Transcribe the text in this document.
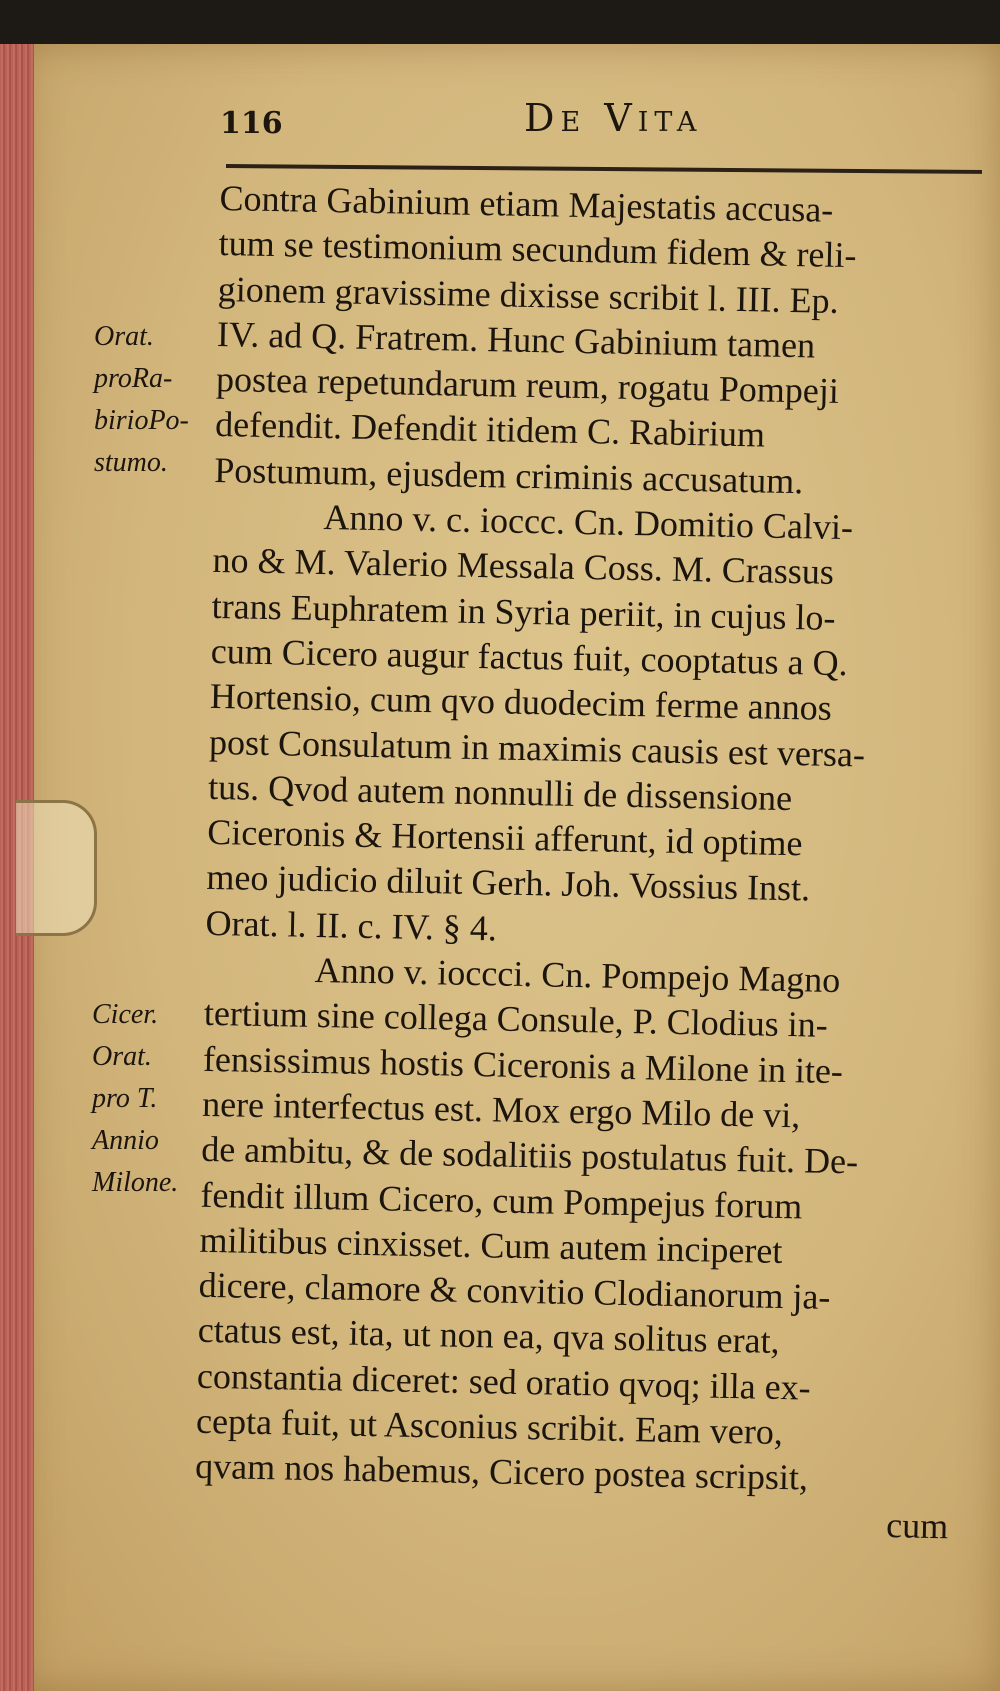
116	De Vita
Orat.
proRa-
birioPo-
stumo.
Cicer.
Orat.
pro T.
Annio
Milone.
Contra Gabinium etiam Majestatis accusa-
tum se testimonium secundum fidem & reli-
gionem gravissime dixisse scribit l. III. Ep.
IV. ad Q. Fratrem. Hunc Gabinium tamen
postea repetundarum reum, rogatu Pompeji
defendit. Defendit itidem C. Rabirium
Postumum, ejusdem criminis accusatum.
Anno v. c. ioccc. Cn. Domitio Calvi-
no & M. Valerio Messala Coss. M. Crassus
trans Euphratem in Syria periit, in cujus lo-
cum Cicero augur factus fuit, cooptatus a Q.
Hortensio, cum qvo duodecim ferme annos
post Consulatum in maximis causis est versa-
tus. Qvod autem nonnulli de dissensione
Ciceronis & Hortensii afferunt, id optime
meo judicio diluit Gerh. Joh. Vossius Inst.
Orat. l. II. c. IV. § 4.
Anno v. ioccci. Cn. Pompejo Magno
tertium sine collega Consule, P. Clodius in-
fensissimus hostis Ciceronis a Milone in ite-
nere interfectus est. Mox ergo Milo de vi,
de ambitu, & de sodalitiis postulatus fuit. De-
fendit illum Cicero, cum Pompejus forum
militibus cinxisset. Cum autem inciperet
dicere, clamore & convitio Clodianorum ja-
ctatus est, ita, ut non ea, qva solitus erat,
constantia diceret: sed oratio qvoq; illa ex-
cepta fuit, ut Asconius scribit. Eam vero,
qvam nos habemus, Cicero postea scripsit,
cum
